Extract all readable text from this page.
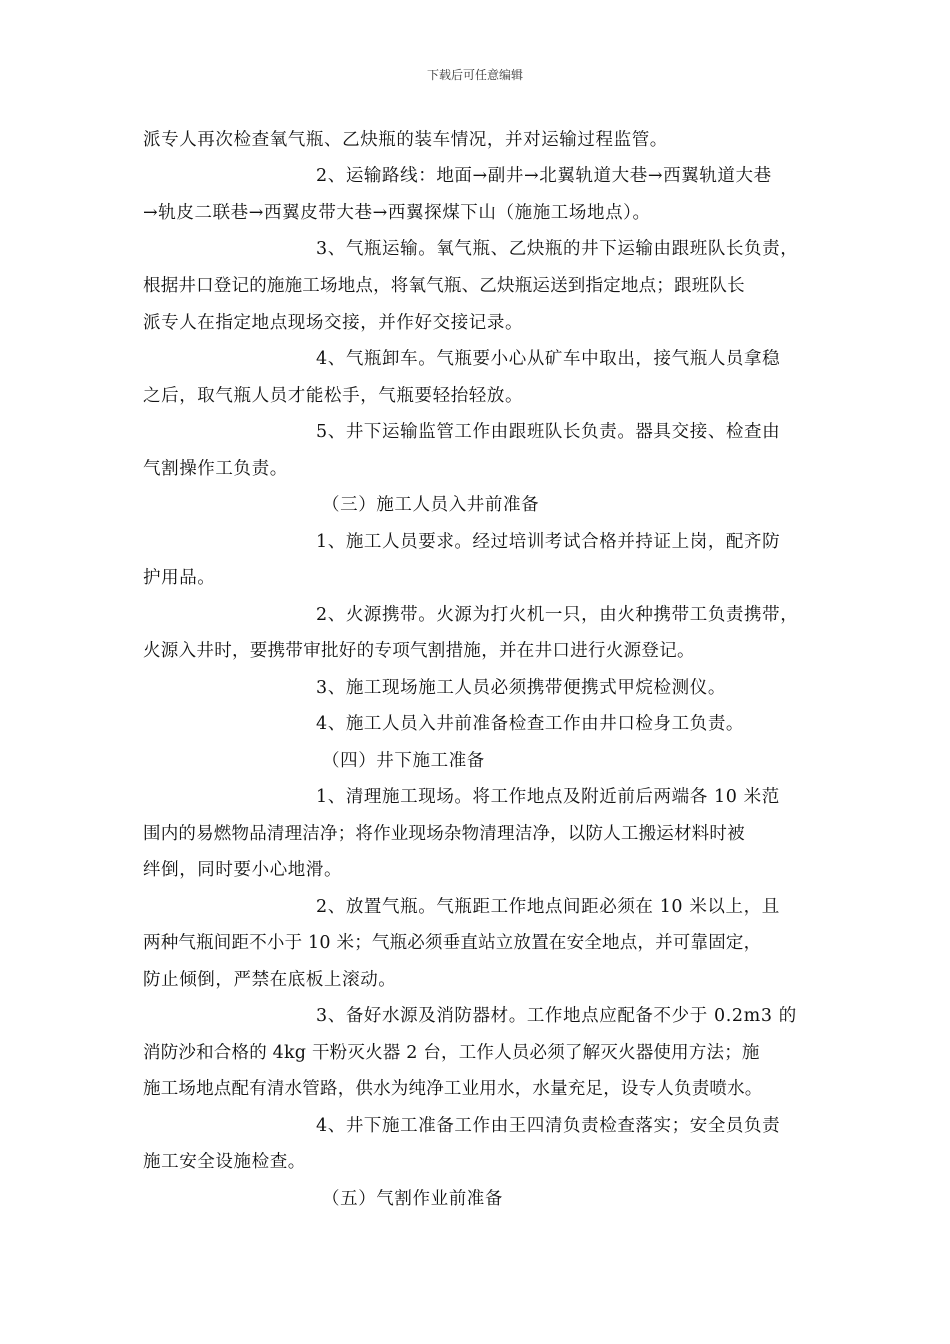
下载后可任意编辑
派专人再次检查氧气瓶、乙炔瓶的装车情况，并对运输过程监管。
2、运输路线：地面→副井→北翼轨道大巷→西翼轨道大巷
→轨皮二联巷→西翼皮带大巷→西翼探煤下山（施施工场地点）。
3、气瓶运输。氧气瓶、乙炔瓶的井下运输由跟班队长负责，
根据井口登记的施施工场地点，将氧气瓶、乙炔瓶运送到指定地点；跟班队长
派专人在指定地点现场交接，并作好交接记录。
4、气瓶卸车。气瓶要小心从矿车中取出，接气瓶人员拿稳
之后，取气瓶人员才能松手，气瓶要轻抬轻放。
5、井下运输监管工作由跟班队长负责。器具交接、检查由
气割操作工负责。
（三）施工人员入井前准备
1、施工人员要求。经过培训考试合格并持证上岗，配齐防
护用品。
2、火源携带。火源为打火机一只，由火种携带工负责携带，
火源入井时，要携带审批好的专项气割措施，并在井口进行火源登记。
3、施工现场施工人员必须携带便携式甲烷检测仪。
4、施工人员入井前准备检查工作由井口检身工负责。
（四）井下施工准备
1、清理施工现场。将工作地点及附近前后两端各 10 米范
围内的易燃物品清理洁净；将作业现场杂物清理洁净，以防人工搬运材料时被
绊倒，同时要小心地滑。
2、放置气瓶。气瓶距工作地点间距必须在 10 米以上，且
两种气瓶间距不小于 10 米；气瓶必须垂直站立放置在安全地点，并可靠固定，
防止倾倒，严禁在底板上滚动。
3、备好水源及消防器材。工作地点应配备不少于 0.2m3 的
消防沙和合格的 4kg 干粉灭火器 2 台，工作人员必须了解灭火器使用方法；施
施工场地点配有清水管路，供水为纯净工业用水，水量充足，设专人负责喷水。
4、井下施工准备工作由王四清负责检查落实；安全员负责
施工安全设施检查。
（五）气割作业前准备
